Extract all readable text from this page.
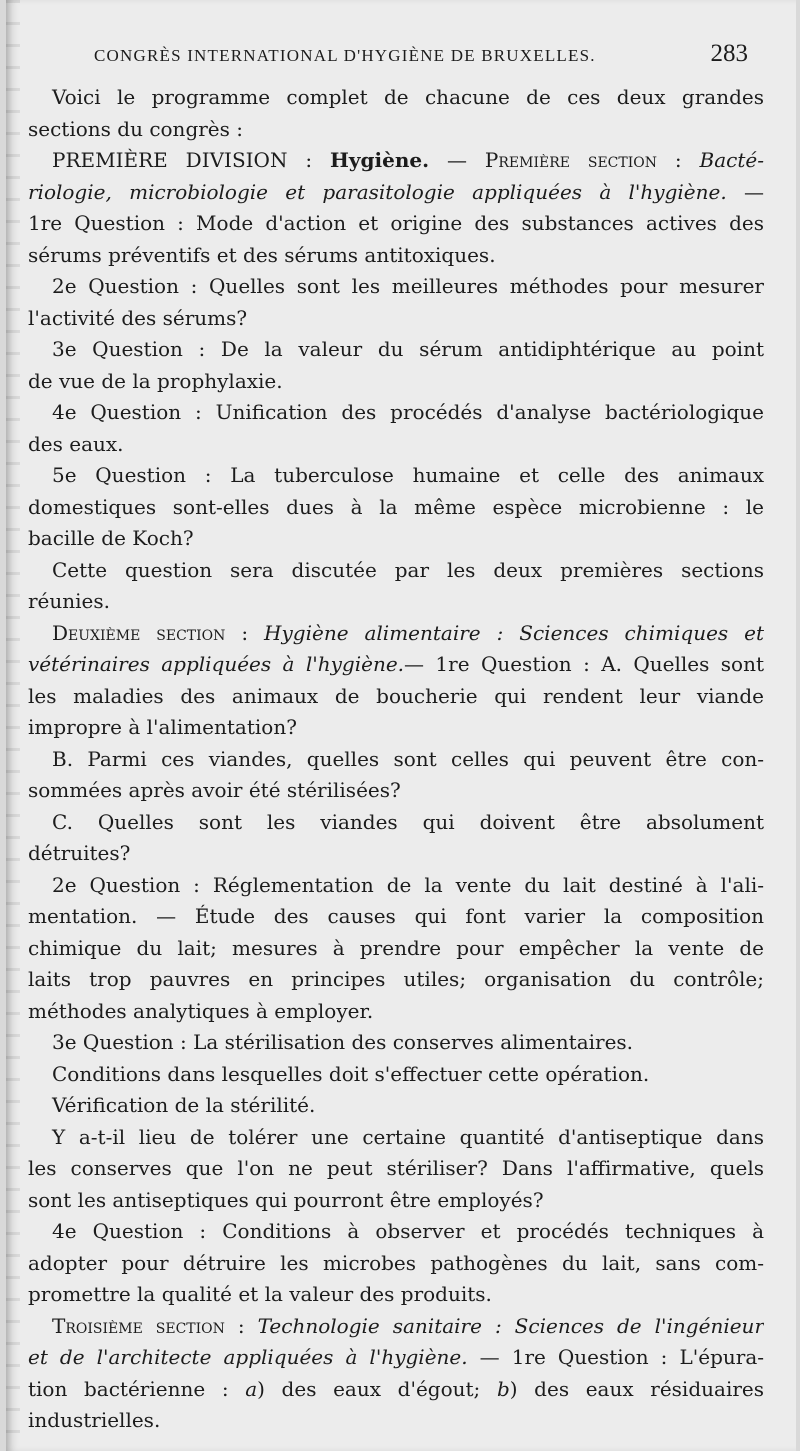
CONGRÈS INTERNATIONAL D'HYGIÈNE DE BRUXELLES.	283
Voici le programme complet de chacune de ces deux grandes
sections du congrès :
PREMIÈRE DIVISION : Hygiène. — Première section : Bacté-
riologie, microbiologie et parasitologie appliquées à l'hygiène. —
1re Question : Mode d'action et origine des substances actives des
sérums préventifs et des sérums antitoxiques.
2e Question : Quelles sont les meilleures méthodes pour mesurer
l'activité des sérums?
3e Question : De la valeur du sérum antidiphtérique au point
de vue de la prophylaxie.
4e Question : Unification des procédés d'analyse bactériologique
des eaux.
5e Question : La tuberculose humaine et celle des animaux
domestiques sont-elles dues à la même espèce microbienne : le
bacille de Koch?
Cette question sera discutée par les deux premières sections
réunies.
Deuxième section : Hygiène alimentaire : Sciences chimiques et
vétérinaires appliquées à l'hygiène.— 1re Question : A. Quelles sont
les maladies des animaux de boucherie qui rendent leur viande
impropre à l'alimentation?
B. Parmi ces viandes, quelles sont celles qui peuvent être con-
sommées après avoir été stérilisées?
C. Quelles sont les viandes qui doivent être absolument
détruites?
2e Question : Réglementation de la vente du lait destiné à l'ali-
mentation. — Étude des causes qui font varier la composition
chimique du lait; mesures à prendre pour empêcher la vente de
laits trop pauvres en principes utiles; organisation du contrôle;
méthodes analytiques à employer.
3e Question : La stérilisation des conserves alimentaires.
Conditions dans lesquelles doit s'effectuer cette opération.
Vérification de la stérilité.
Y a-t-il lieu de tolérer une certaine quantité d'antiseptique dans
les conserves que l'on ne peut stériliser? Dans l'affirmative, quels
sont les antiseptiques qui pourront être employés?
4e Question : Conditions à observer et procédés techniques à
adopter pour détruire les microbes pathogènes du lait, sans com-
promettre la qualité et la valeur des produits.
Troisième section : Technologie sanitaire : Sciences de l'ingénieur
et de l'architecte appliquées à l'hygiène. — 1re Question : L'épura-
tion bactérienne : a) des eaux d'égout; b) des eaux résiduaires
industrielles.
